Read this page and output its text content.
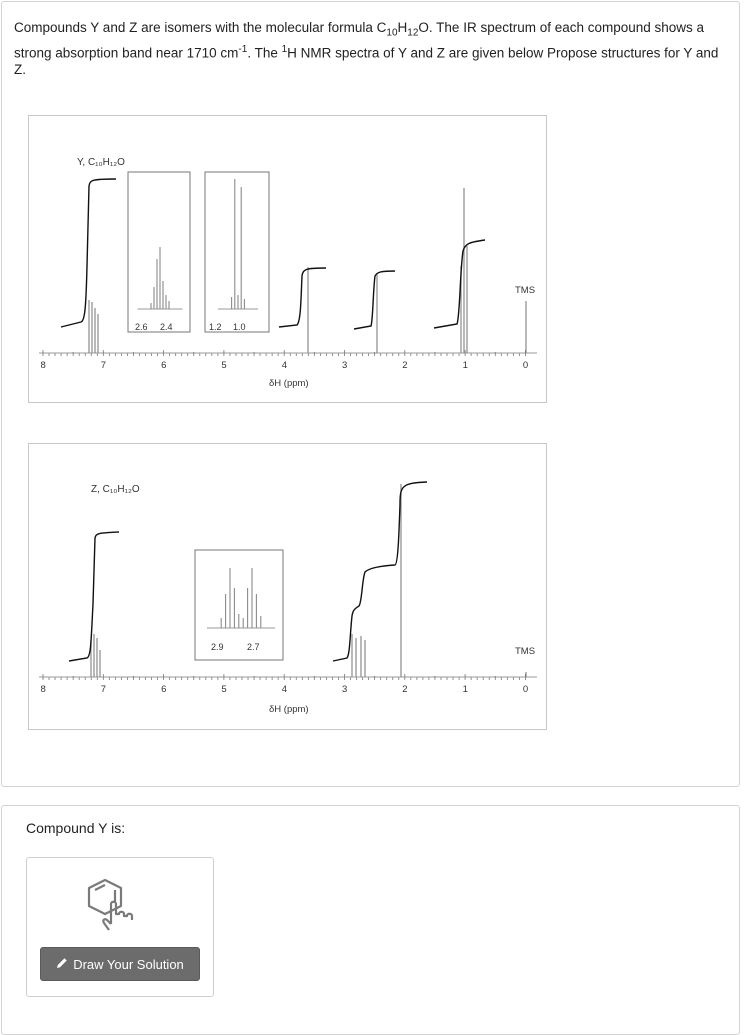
Compounds Y and Z are isomers with the molecular formula $C_{10}H_{12}O$. The IR spectrum of each compound shows a strong absorption band near 1710 $cm^{-1}$. The $^1$H NMR spectra of Y and Z are given below Propose structures for Y and Z.
Y, C₁₀H₁₂O
2.6 2.4	1.2 1.0
TMS
8	7	6	5	4	3	2	1	0
δH (ppm)
Z, C₁₀H₁₂O
2.9	2.7	TMS
8	7	6	5	4	3	2	1	0
δH (ppm)
Compound Y is:
Draw Your Solution
